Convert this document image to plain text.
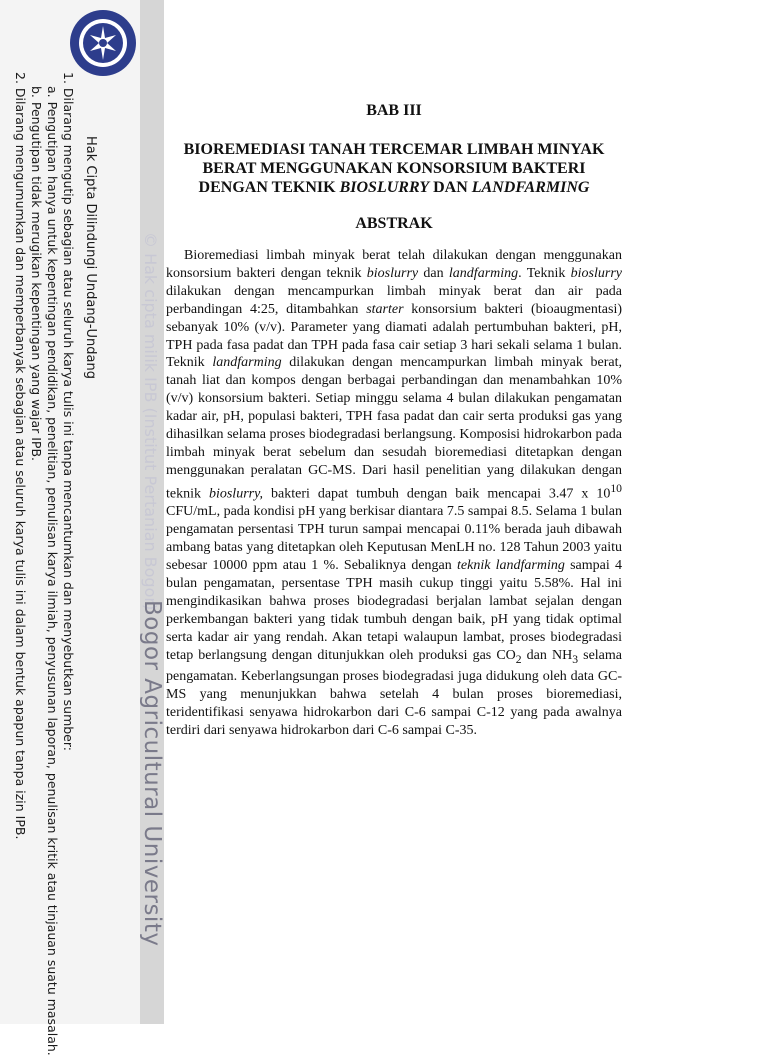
Hak Cipta Dilindungi Undang-Undang
1. Dilarang mengutip sebagian atau seluruh karya tulis ini tanpa mencantumkan dan menyebutkan sumber:
a. Pengutipan hanya untuk kepentingan pendidikan, penelitian, penulisan karya ilmiah, penyusunan laporan, penulisan kritik atau tinjauan suatu masalah.
b. Pengutipan tidak merugikan kepentingan yang wajar IPB.
2. Dilarang mengumumkan dan memperbanyak sebagian atau seluruh karya tulis ini dalam bentuk apapun tanpa izin IPB.	© Hak cipta milik IPB (Institut Pertanian Bogor)
Bogor Agricultural University
BAB III
BIOREMEDIASI TANAH TERCEMAR LIMBAH MINYAK
BERAT MENGGUNAKAN KONSORSIUM BAKTERI
DENGAN TEKNIK BIOSLURRY DAN LANDFARMING
ABSTRAK

Bioremediasi limbah minyak berat telah dilakukan dengan menggunakan konsorsium bakteri dengan teknik bioslurry dan landfarming. Teknik bioslurry dilakukan dengan mencampurkan limbah minyak berat dan air pada perbandingan 4:25, ditambahkan starter konsorsium bakteri (bioaugmentasi) sebanyak 10% (v/v). Parameter yang diamati adalah pertumbuhan bakteri, pH, TPH pada fasa padat dan TPH pada fasa cair setiap 3 hari sekali selama 1 bulan. Teknik landfarming dilakukan dengan mencampurkan limbah minyak berat, tanah liat dan kompos dengan berbagai perbandingan dan menambahkan 10% (v/v) konsorsium bakteri. Setiap minggu selama 4 bulan dilakukan pengamatan kadar air, pH, populasi bakteri, TPH fasa padat dan cair serta produksi gas yang dihasilkan selama proses biodegradasi berlangsung. Komposisi hidrokarbon pada limbah minyak berat sebelum dan sesudah bioremediasi ditetapkan dengan menggunakan peralatan GC-MS. Dari hasil penelitian yang dilakukan dengan teknik bioslurry, bakteri dapat tumbuh dengan baik mencapai 3.47 x $10^{10}$ CFU/mL, pada kondisi pH yang berkisar diantara 7.5 sampai 8.5. Selama 1 bulan pengamatan persentasi TPH turun sampai mencapai 0.11% berada jauh dibawah ambang batas yang ditetapkan oleh Keputusan MenLH no. 128 Tahun 2003 yaitu sebesar 10000 ppm atau 1 %. Sebaliknya dengan teknik landfarming sampai 4 bulan pengamatan, persentase TPH masih cukup tinggi yaitu 5.58%. Hal ini mengindikasikan bahwa proses biodegradasi berjalan lambat sejalan dengan perkembangan bakteri yang tidak tumbuh dengan baik, pH yang tidak optimal serta kadar air yang rendah. Akan tetapi walaupun lambat, proses biodegradasi tetap berlangsung dengan ditunjukkan oleh produksi gas $CO_2$ dan $NH_3$ selama pengamatan. Keberlangsungan proses biodegradasi juga didukung oleh data GC-MS yang menunjukkan bahwa setelah 4 bulan proses bioremediasi, teridentifikasi senyawa hidrokarbon dari C-6 sampai C-12 yang pada awalnya terdiri dari senyawa hidrokarbon dari C-6 sampai C-35.
